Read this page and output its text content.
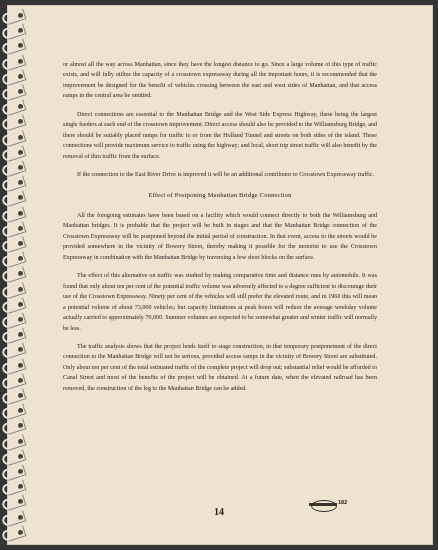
or almost all the way across Manhattan, since they have the longest distance to go. Since a large volume of this type of traffic exists, and will fully utilize the capacity of a crosstown expressway during all the important hours, it is recommended that the improvement be designed for the benefit of vehicles crossing between the east and west sides of Manhattan, and that access ramps in the central area be omitted.

Direct connections are essential to the Manhattan Bridge and the West Side Express Highway, these being the largest single feeders at each end of the crosstown improvement. Direct access should also be provided to the Williamsburg Bridge, and there should be suitably placed ramps for traffic to or from the Holland Tunnel and streets on both sides of the island. These connections will provide maximum service to traffic using the highway; and local, short trip street traffic will also benefit by the removal of thru traffic from the surface.

If the connection to the East River Drive is improved it will be an additional contributor to Crosstown Expressway traffic.

Effect of Postponing Manhattan Bridge Connection

All the foregoing estimates have been based on a facility which would connect directly to both the Williamsburg and Manhattan bridges. It is probable that the project will be built in stages and that the Manhattan Bridge connection of the Crosstown Expressway will be postponed beyond the initial period of construction. In that event, access to the streets would be provided somewhere in the vicinity of Bowery Street, thereby making it possible for the motorist to use the Crosstown Expressway in combination with the Manhattan Bridge by traversing a few short blocks on the surface.

The effect of this alternative on traffic was studied by making comparative time and distance runs by automobile. It was found that only about ten per cent of the potential traffic volume was adversely affected to a degree sufficient to discourage their use of the Crosstown Expressway. Ninety per cent of the vehicles will still prefer the elevated route, and in 1960 this will mean a potential volume of about 73,000 vehicles; but capacity limitations at peak hours will reduce the average weekday volume actually carried to approximately 70,000. Summer volumes are expected to be somewhat greater and winter traffic will normally be less.

The traffic analysis shows that the project lends itself to stage construction, in that temporary postponement of the direct connection to the Manhattan Bridge will not be serious, provided access ramps in the vicinity of Bowery Street are substituted. Only about ten per cent of the total estimated traffic of the complete project will drop out; substantial relief would be afforded to Canal Street and most of the benefits of the project will be obtained. At a future date, when the elevated railroad has been removed, the construction of the leg to the Manhattan Bridge can be added.

182
14
